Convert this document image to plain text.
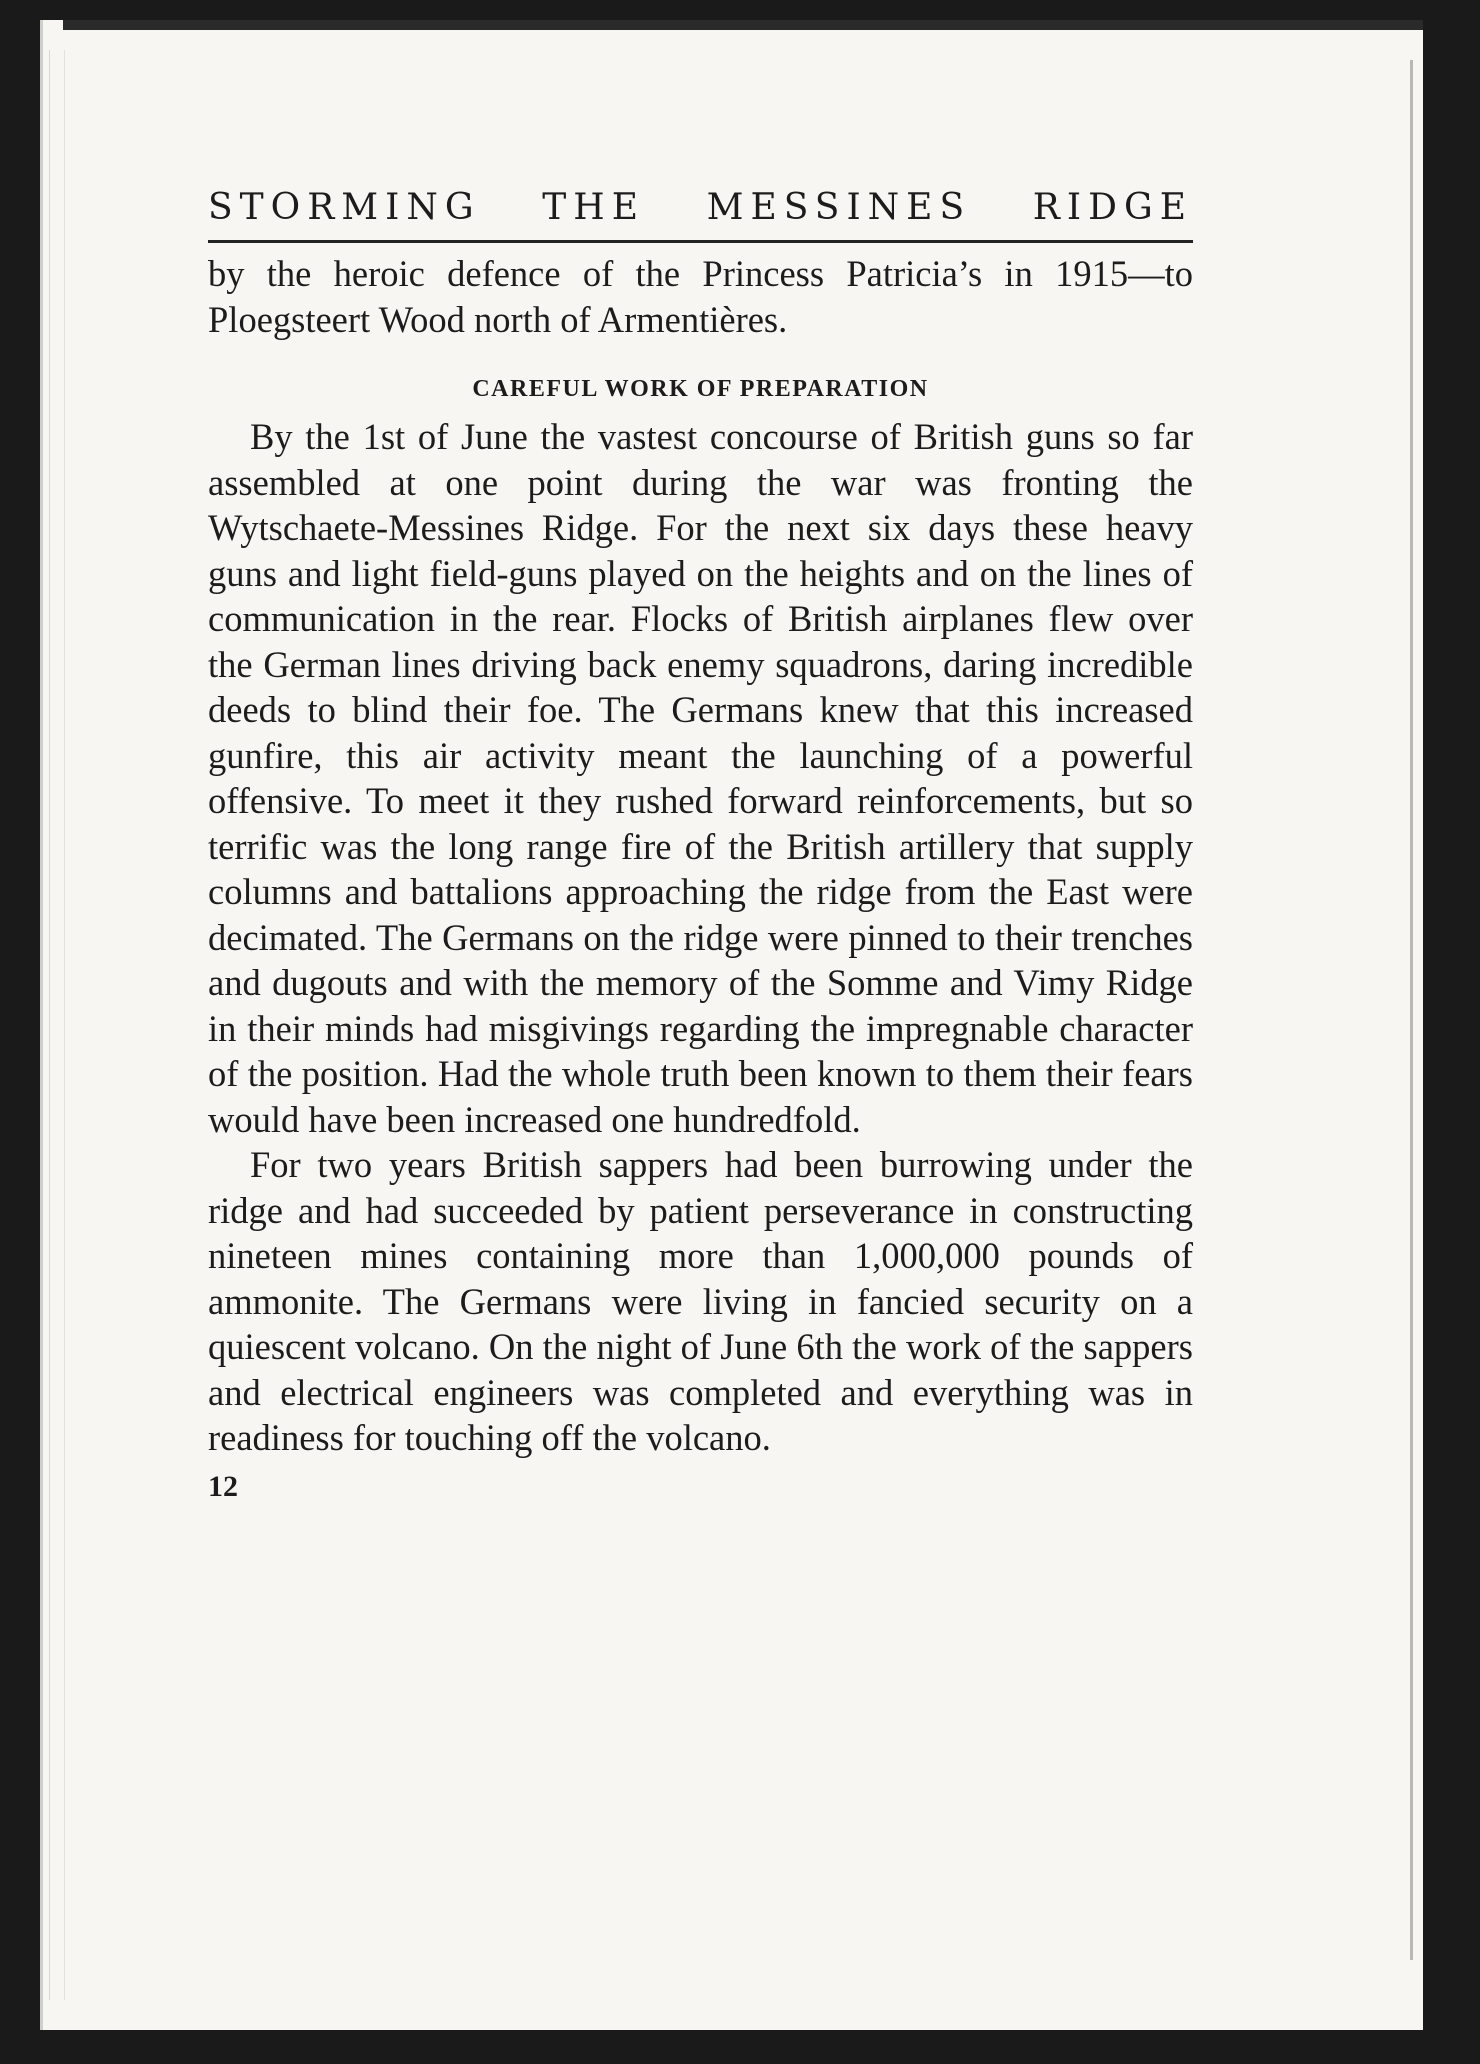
STORMING THE MESSINES RIDGE

by the heroic defence of the Princess Patricia’s in 1915—to Ploegsteert Wood north of Armentières.

CAREFUL WORK OF PREPARATION

By the 1st of June the vastest concourse of British guns so far assembled at one point during the war was fronting the Wytschaete-Messines Ridge. For the next six days these heavy guns and light field-guns played on the heights and on the lines of communication in the rear. Flocks of British airplanes flew over the German lines driving back enemy squadrons, daring incredible deeds to blind their foe. The Germans knew that this increased gunfire, this air activity meant the launching of a powerful offensive. To meet it they rushed forward reinforcements, but so terrific was the long range fire of the British artillery that supply columns and battalions approaching the ridge from the East were decimated. The Germans on the ridge were pinned to their trenches and dugouts and with the memory of the Somme and Vimy Ridge in their minds had misgivings regarding the impregnable character of the position. Had the whole truth been known to them their fears would have been increased one hundredfold.

For two years British sappers had been burrowing under the ridge and had succeeded by patient perseverance in constructing nineteen mines containing more than 1,000,000 pounds of ammonite. The Germans were living in fancied security on a quiescent volcano. On the night of June 6th the work of the sappers and electrical engineers was completed and everything was in readiness for touching off the volcano.

12
